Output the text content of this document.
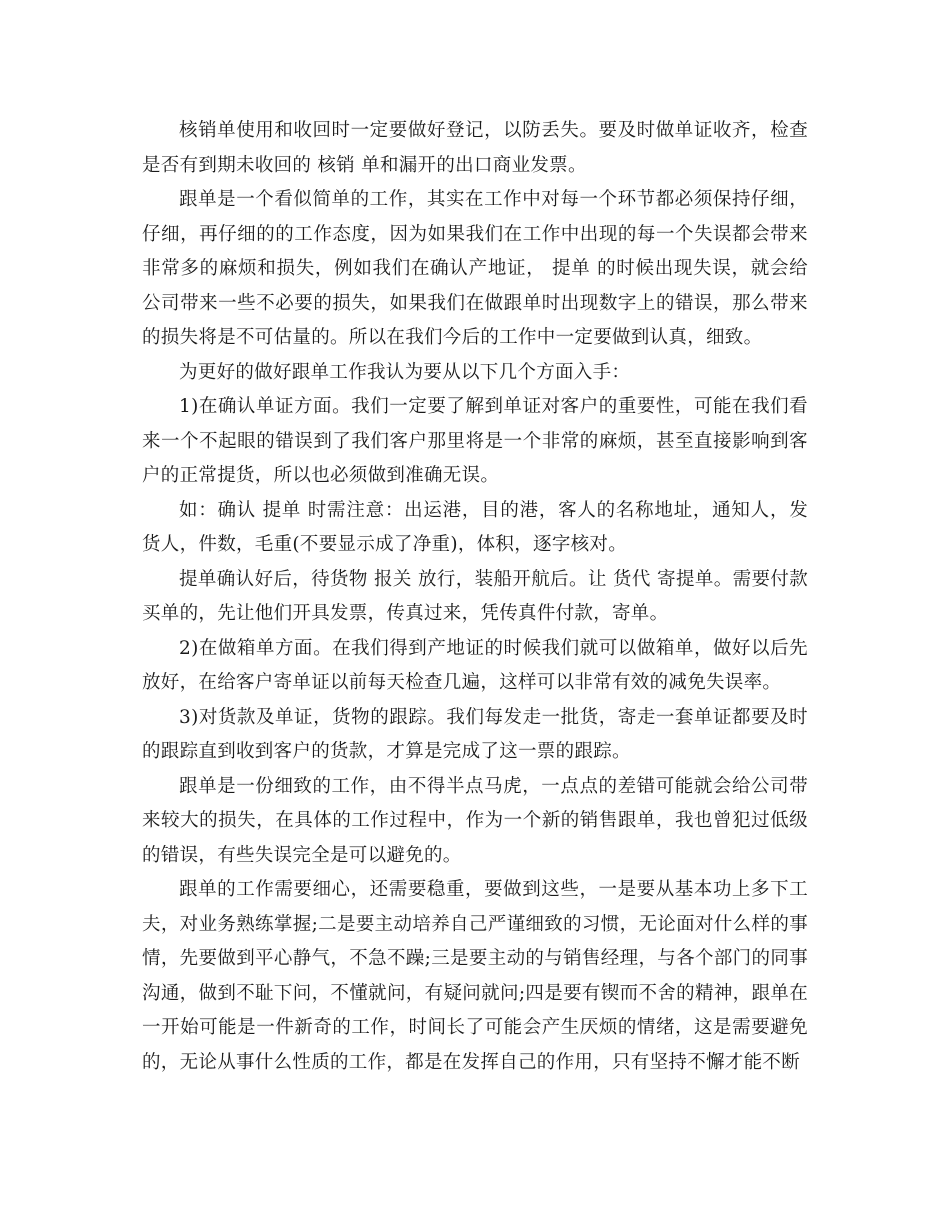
核销单使用和收回时一定要做好登记，以防丢失。要及时做单证收齐，检查是否有到期未收回的 核销 单和漏开的出口商业发票。

跟单是一个看似简单的工作，其实在工作中对每一个环节都必须保持仔细，仔细，再仔细的的工作态度，因为如果我们在工作中出现的每一个失误都会带来非常多的麻烦和损失，例如我们在确认产地证， 提单 的时候出现失误，就会给公司带来一些不必要的损失，如果我们在做跟单时出现数字上的错误，那么带来的损失将是不可估量的。所以在我们今后的工作中一定要做到认真，细致。

为更好的做好跟单工作我认为要从以下几个方面入手：

1)在确认单证方面。我们一定要了解到单证对客户的重要性，可能在我们看来一个不起眼的错误到了我们客户那里将是一个非常的麻烦，甚至直接影响到客户的正常提货，所以也必须做到准确无误。

如：确认 提单 时需注意：出运港，目的港，客人的名称地址，通知人，发货人，件数，毛重(不要显示成了净重)，体积，逐字核对。

提单确认好后，待货物 报关 放行，装船开航后。让 货代 寄提单。需要付款买单的，先让他们开具发票，传真过来，凭传真件付款，寄单。

2)在做箱单方面。在我们得到产地证的时候我们就可以做箱单，做好以后先放好，在给客户寄单证以前每天检查几遍，这样可以非常有效的减免失误率。

3)对货款及单证，货物的跟踪。我们每发走一批货，寄走一套单证都要及时的跟踪直到收到客户的货款，才算是完成了这一票的跟踪。

跟单是一份细致的工作，由不得半点马虎，一点点的差错可能就会给公司带来较大的损失，在具体的工作过程中，作为一个新的销售跟单，我也曾犯过低级的错误，有些失误完全是可以避免的。

跟单的工作需要细心，还需要稳重，要做到这些，一是要从基本功上多下工夫，对业务熟练掌握;二是要主动培养自己严谨细致的习惯，无论面对什么样的事情，先要做到平心静气，不急不躁;三是要主动的与销售经理，与各个部门的同事沟通，做到不耻下问，不懂就问，有疑问就问;四是要有锲而不舍的精神，跟单在一开始可能是一件新奇的工作，时间长了可能会产生厌烦的情绪，这是需要避免的，无论从事什么性质的工作，都是在发挥自己的作用，只有坚持不懈才能不断
